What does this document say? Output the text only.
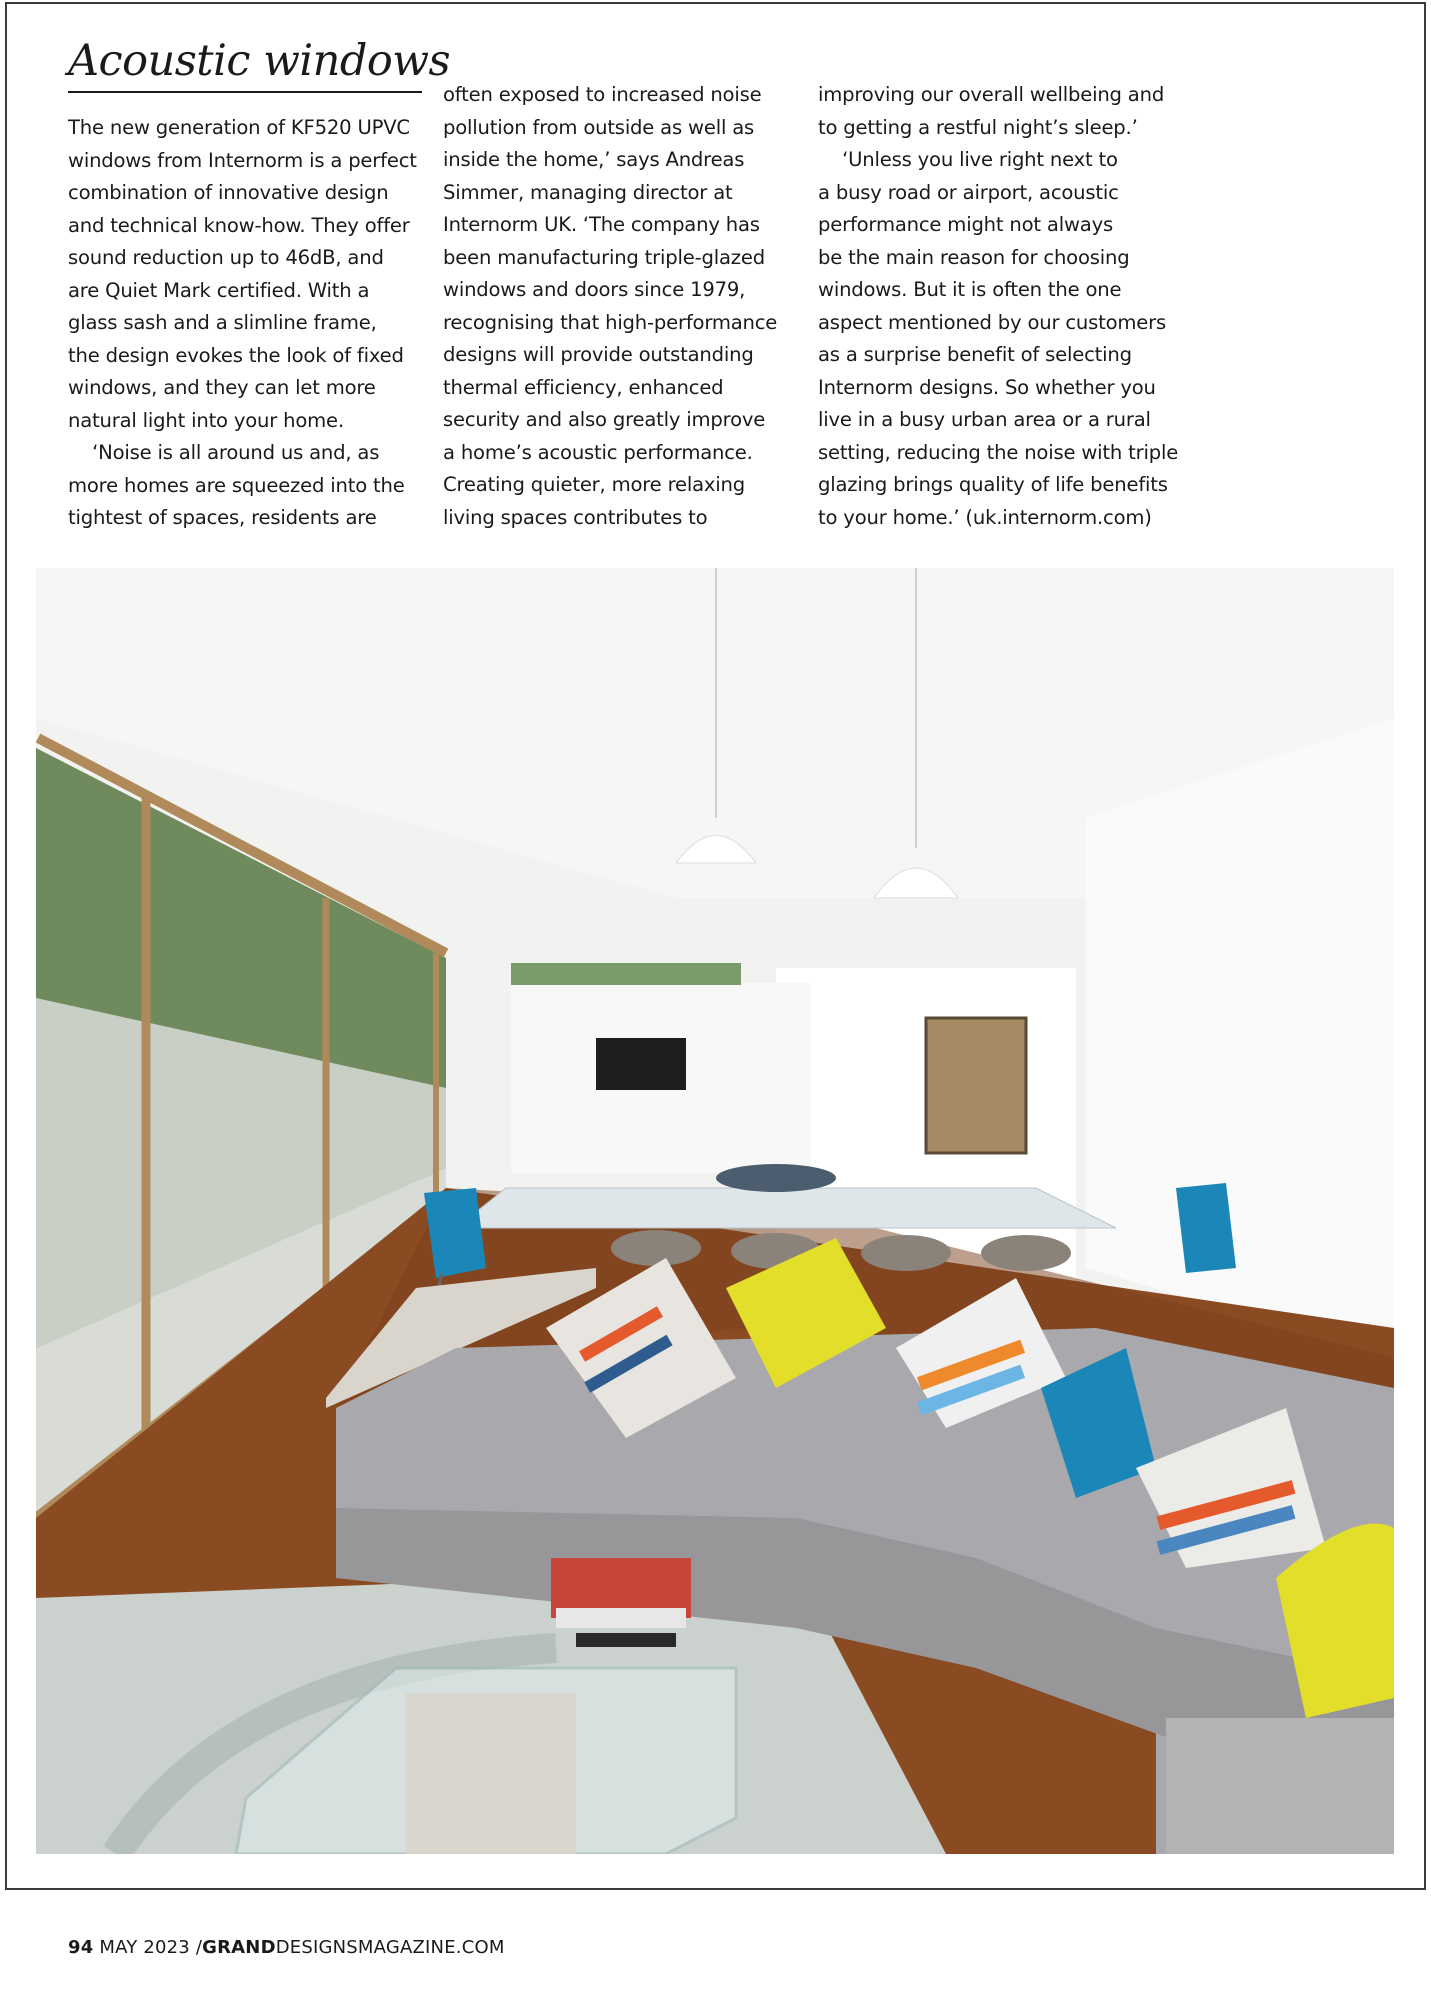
Acoustic windows
The new generation of KF520 UPVC
windows from Internorm is a perfect
combination of innovative design
and technical know-how. They offer
sound reduction up to 46dB, and
are Quiet Mark certified. With a
glass sash and a slimline frame,
the design evokes the look of fixed
windows, and they can let more
natural light into your home.
‘Noise is all around us and, as
more homes are squeezed into the
tightest of spaces, residents are
often exposed to increased noise
pollution from outside as well as
inside the home,’ says Andreas
Simmer, managing director at
Internorm UK. ‘The company has
been manufacturing triple-glazed
windows and doors since 1979,
recognising that high-performance
designs will provide outstanding
thermal efficiency, enhanced
security and also greatly improve
a home’s acoustic performance.
Creating quieter, more relaxing
living spaces contributes to
improving our overall wellbeing and
to getting a restful night’s sleep.’
‘Unless you live right next to
a busy road or airport, acoustic
performance might not always
be the main reason for choosing
windows. But it is often the one
aspect mentioned by our customers
as a surprise benefit of selecting
Internorm designs. So whether you
live in a busy urban area or a rural
setting, reducing the noise with triple
glazing brings quality of life benefits
to your home.’ (uk.internorm.com)
94 MAY 2023 /GRANDDESIGNSMAGAZINE.COM
